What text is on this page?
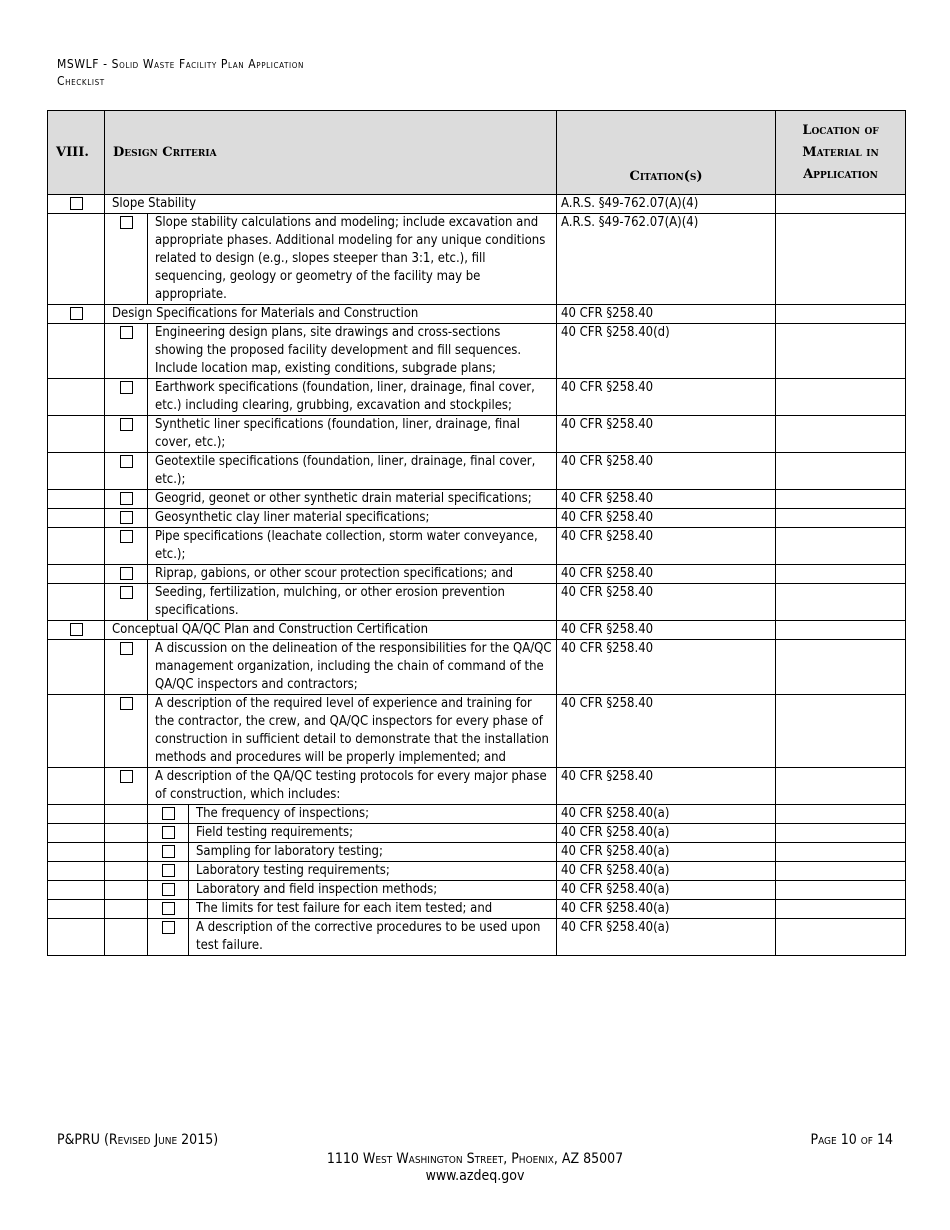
MSWLF - Solid Waste Facility Plan Application
Checklist
VIII.	Design Criteria			Citation(s)	Location of
Material in
Application

	Slope Stability			A.R.S. §49-762.07(A)(4)	
		Slope stability calculations and modeling; include excavation and appropriate phases. Additional modeling for any unique conditions related to design (e.g., slopes steeper than 3:1, etc.), fill sequencing, geology or geometry of the facility may be appropriate.		A.R.S. §49-762.07(A)(4)	
	Design Specifications for Materials and Construction			40 CFR §258.40	
		Engineering design plans, site drawings and cross-sections showing the proposed facility development and fill sequences. Include location map, existing conditions, subgrade plans;		40 CFR §258.40(d)	
		Earthwork specifications (foundation, liner, drainage, final cover, etc.) including clearing, grubbing, excavation and stockpiles;		40 CFR §258.40	
		Synthetic liner specifications (foundation, liner, drainage, final cover, etc.);		40 CFR §258.40	
		Geotextile specifications (foundation, liner, drainage, final cover, etc.);		40 CFR §258.40	
		Geogrid, geonet or other synthetic drain material specifications;		40 CFR §258.40	
		Geosynthetic clay liner material specifications;		40 CFR §258.40	
		Pipe specifications (leachate collection, storm water conveyance, etc.);		40 CFR §258.40	
		Riprap, gabions, or other scour protection specifications; and		40 CFR §258.40	
		Seeding, fertilization, mulching, or other erosion prevention specifications.		40 CFR §258.40	
	Conceptual QA/QC Plan and Construction Certification			40 CFR §258.40	
		A discussion on the delineation of the responsibilities for the QA/QC management organization, including the chain of command of the QA/QC inspectors and contractors;		40 CFR §258.40	
		A description of the required level of experience and training for the contractor, the crew, and QA/QC inspectors for every phase of construction in sufficient detail to demonstrate that the installation methods and procedures will be properly implemented; and		40 CFR §258.40	
		A description of the QA/QC testing protocols for every major phase of construction, which includes:		40 CFR §258.40	
			The frequency of inspections;	40 CFR §258.40(a)	
			Field testing requirements;	40 CFR §258.40(a)	
			Sampling for laboratory testing;	40 CFR §258.40(a)	
			Laboratory testing requirements;	40 CFR §258.40(a)	
			Laboratory and field inspection methods;	40 CFR §258.40(a)	
			The limits for test failure for each item tested; and	40 CFR §258.40(a)	
			A description of the corrective procedures to be used upon test failure.	40 CFR §258.40(a)	
P&PRU (Revised June 2015)	Page 10 of 14
1110 West Washington Street, Phoenix, AZ 85007
www.azdeq.gov
